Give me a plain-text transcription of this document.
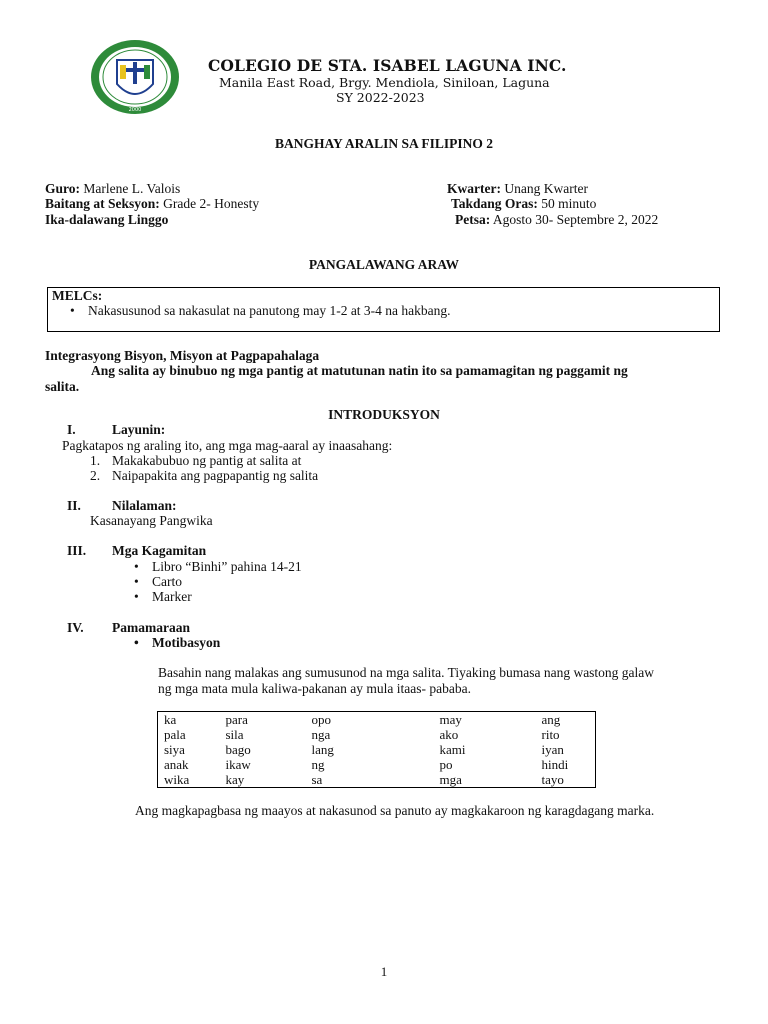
2000
COLEGIO DE STA. ISABEL LAGUNA INC.
Manila East Road, Brgy. Mendiola, Siniloan, Laguna
SY 2022-2023
BANGHAY ARALIN SA FILIPINO 2
Guro: Marlene L. Valois
Baitang at Seksyon: Grade 2- Honesty
Ika-dalawang Linggo
Kwarter: Unang Kwarter
Takdang Oras: 50 minuto
Petsa: Agosto 30- Septembre 2, 2022
PANGALAWANG ARAW
MELCs:
• Nakasusunod sa nakasulat na panutong may 1-2 at 3-4 na hakbang.
Integrasyong Bisyon, Misyon at Pagpapahalaga
Ang salita ay binubuo ng mga pantig at matutunan natin ito sa pamamagitan ng paggamit ng
salita.
INTRODUKSYON
I.	Layunin:
Pagkatapos ng araling ito, ang mga mag-aaral ay inaasahang:
1. Makakabubuo ng pantig at salita at
2. Naipapakita ang pagpapantig ng salita
II. Nilalaman:
Kasanayang Pangwika
III. Mga Kagamitan
• Libro “Binhi” pahina 14-21
• Carto
• Marker
IV. Pamamaraan
• Motibasyon
Basahin nang malakas ang sumusunod na mga salita. Tiyaking bumasa nang wastong galaw
ng mga mata mula kaliwa-pakanan ay mula itaas- pababa.
ka	para	opo	may	ang
pala	sila	nga	ako	rito
siya	bago	lang	kami	iyan
anak	ikaw	ng	po	hindi
wika	kay	sa	mga	tayo
Ang magkapagbasa ng maayos at nakasunod sa panuto ay magkakaroon ng karagdagang marka.
1
